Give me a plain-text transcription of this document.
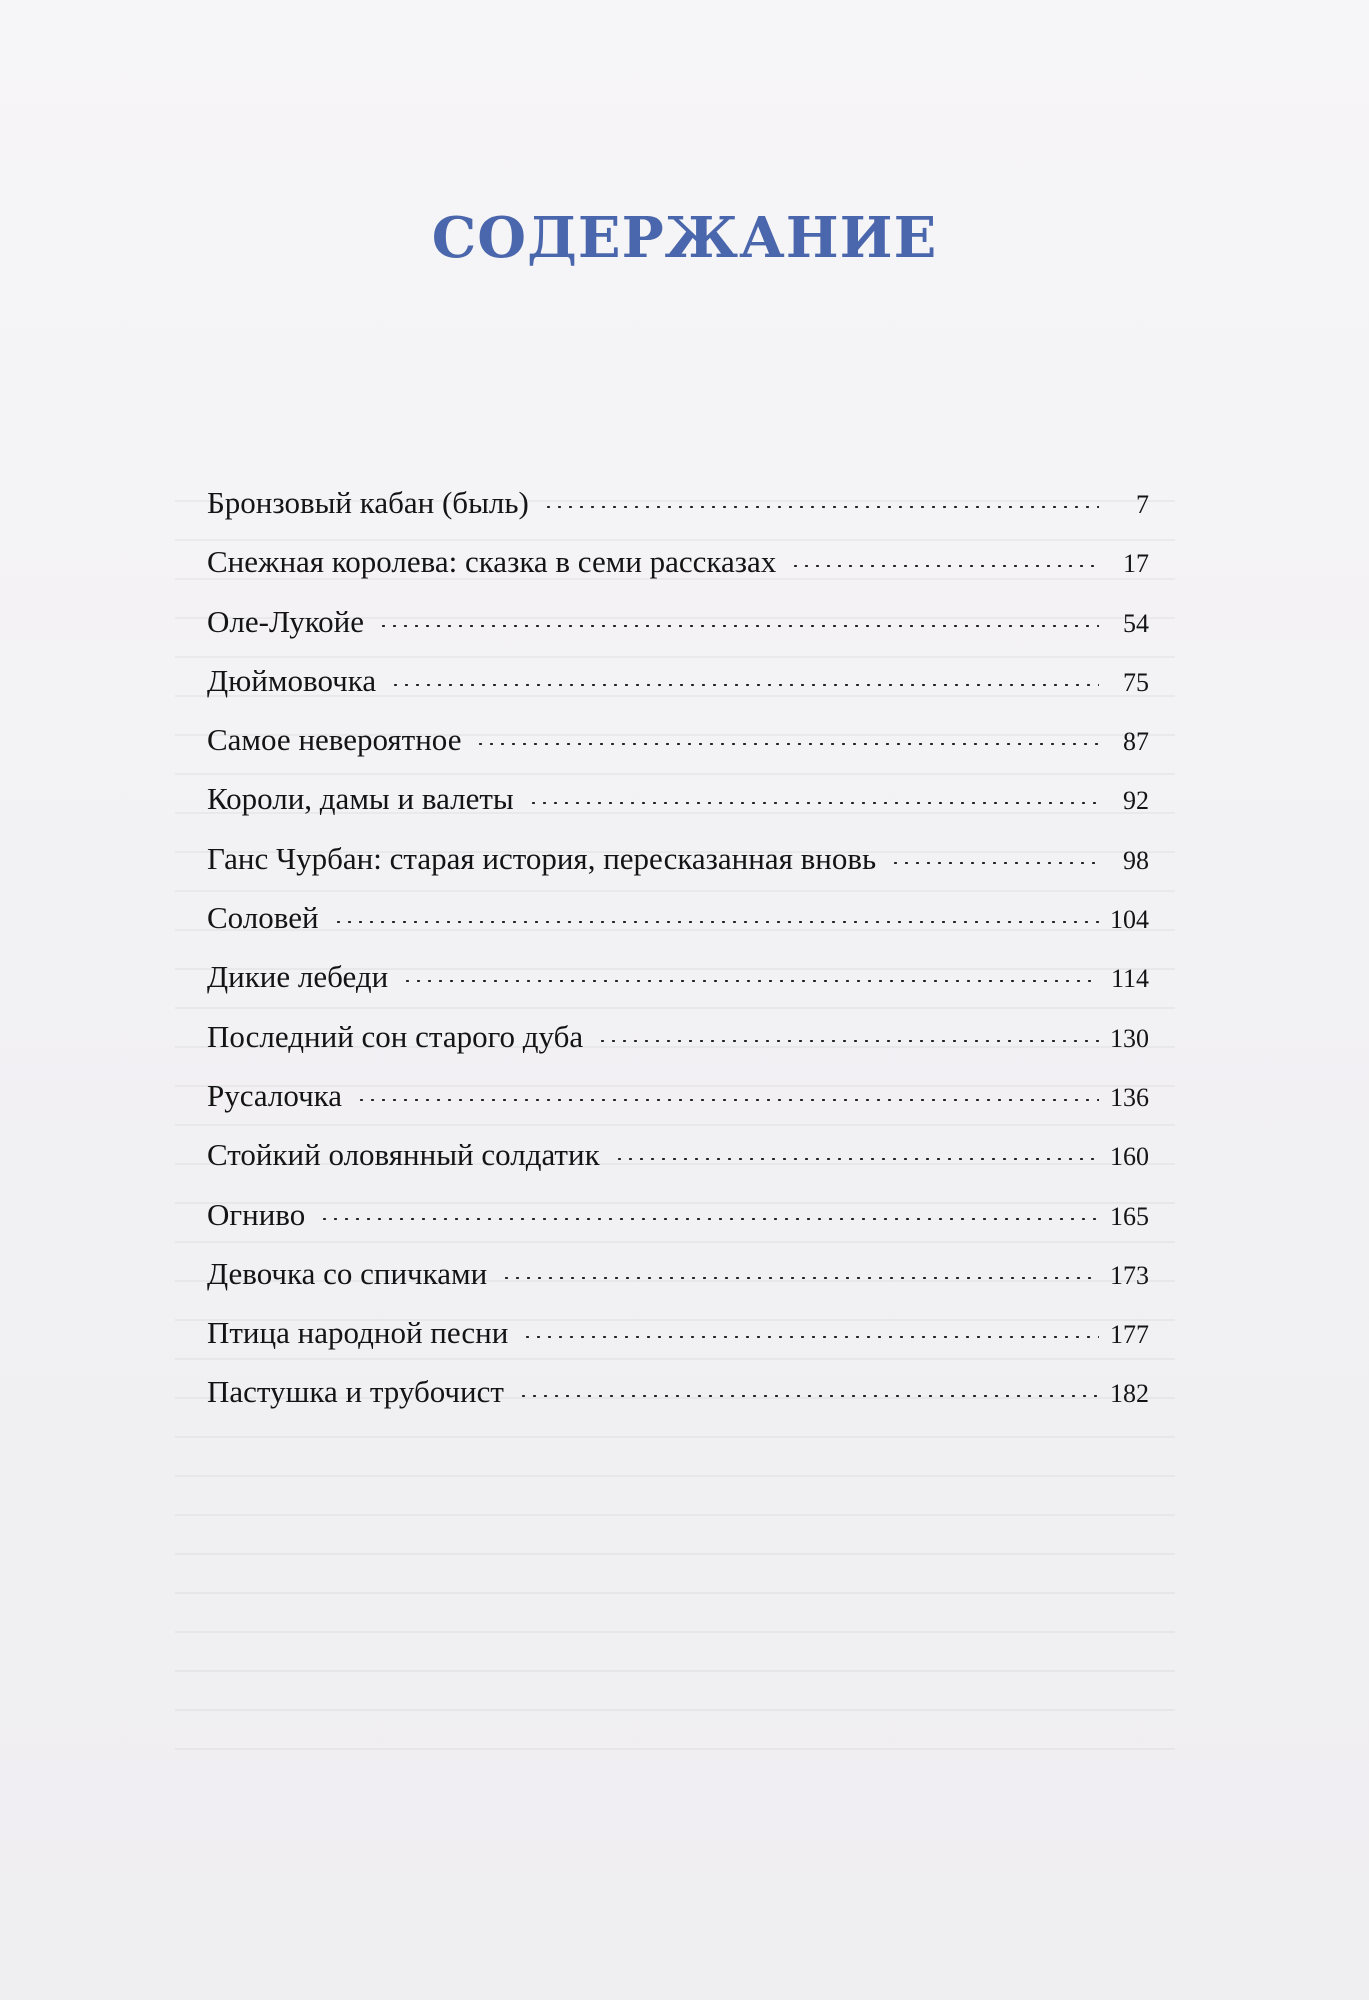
СОДЕРЖАНИЕ
Бронзовый кабан (быль)	7
Снежная королева: сказка в семи рассказах	17
Оле-Лукойе	54
Дюймовочка	75
Самое невероятное	87
Короли, дамы и валеты	92
Ганс Чурбан: старая история, пересказанная вновь	98
Соловей	104
Дикие лебеди	114
Последний сон старого дуба	130
Русалочка	136
Стойкий оловянный солдатик	160
Огниво	165
Девочка со спичками	173
Птица народной песни	177
Пастушка и трубочист	182
